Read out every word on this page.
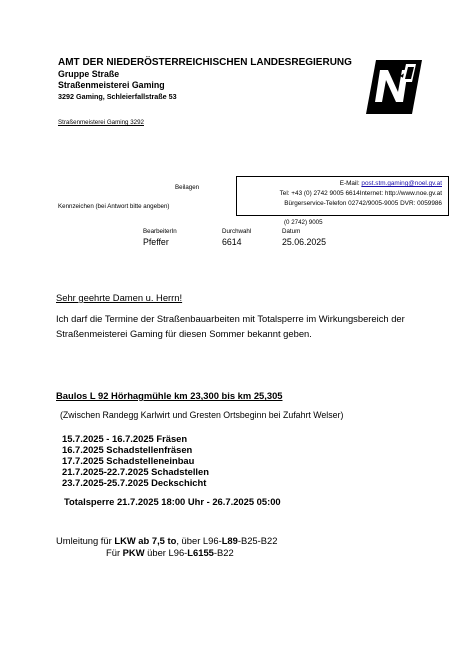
AMT DER NIEDERÖSTERREICHISCHEN LANDESREGIERUNG
Gruppe Straße
Straßenmeisterei Gaming
3292 Gaming, Schleierfallstraße 53
Straßenmeisterei Gaming 3292
E-Mail: post.stm.gaming@noel.gv.at
Tel: +43 (0) 2742 9005 6614Internet: http://www.noe.gv.at
Bürgerservice-Telefon 02742/9005-9005 DVR: 0059986
Beilagen
Kennzeichen (bei Antwort bitte angeben)
(0 2742) 9005
BearbeiterIn	Durchwahl	Datum
Pfeffer	6614	25.06.2025
Sehr geehrte Damen u. Herrn!
Ich darf die Termine der Straßenbauarbeiten mit Totalsperre im Wirkungsbereich der
Straßenmeisterei Gaming für diesen Sommer bekannt geben.
Baulos L 92 Hörhagmühle km 23,300 bis km 25,305
(Zwischen Randegg Karlwirt und Gresten Ortsbeginn bei Zufahrt Welser)
15.7.2025 - 16.7.2025 Fräsen
16.7.2025 Schadstellenfräsen
17.7.2025 Schadstelleneinbau
21.7.2025-22.7.2025 Schadstellen
23.7.2025-25.7.2025 Deckschicht
Totalsperre 21.7.2025 18:00 Uhr - 26.7.2025 05:00
Umleitung für LKW ab 7,5 to, über L96-L89-B25-B22
Für PKW über L96-L6155-B22
